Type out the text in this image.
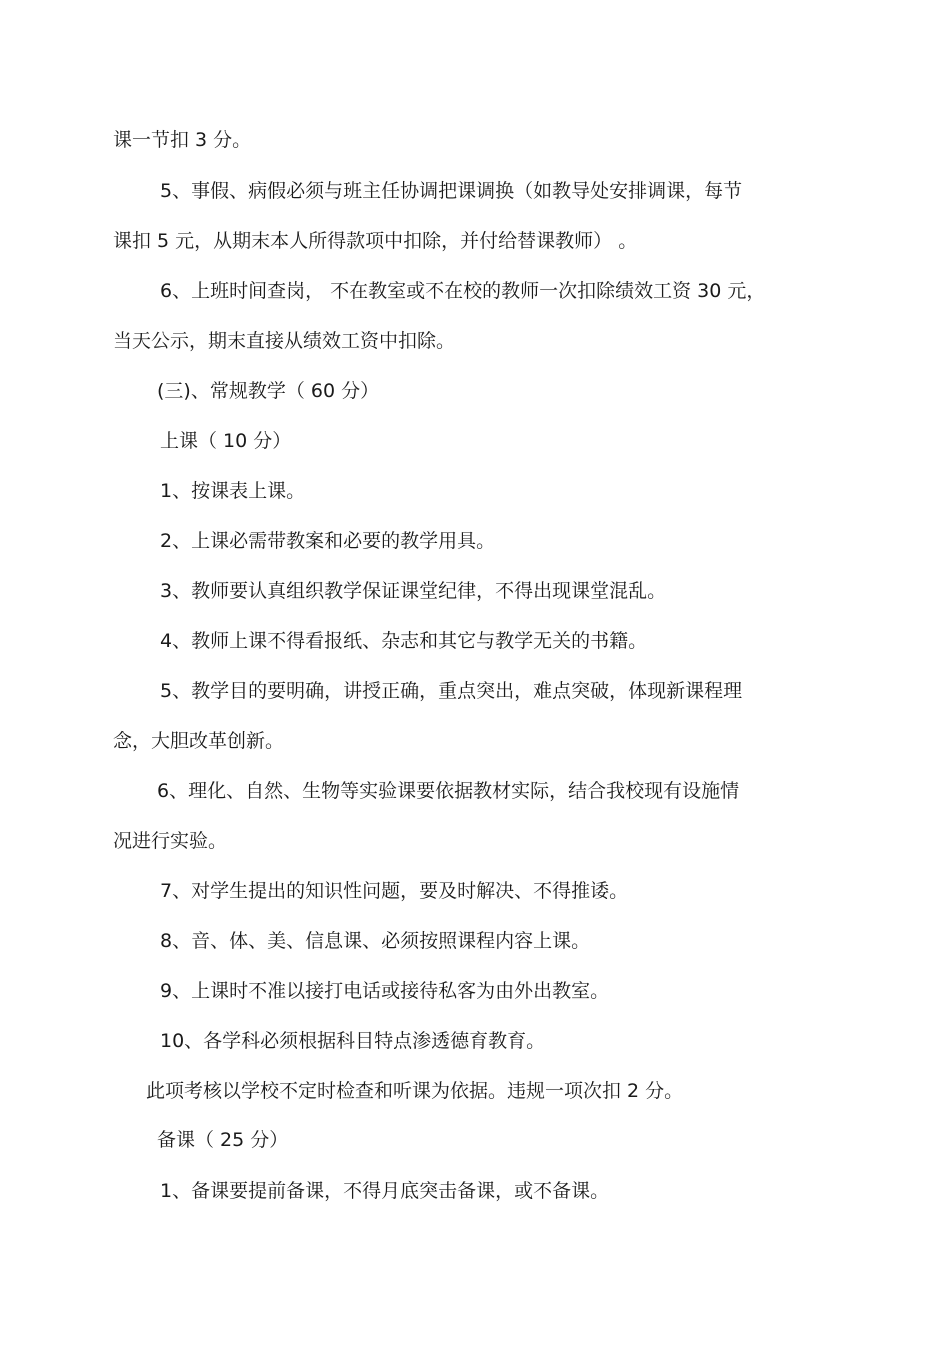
课一节扣 3 分。
5、事假、病假必须与班主任协调把课调换（如教导处安排调课，每节
课扣 5 元，从期末本人所得款项中扣除，并付给替课教师） 。
6、上班时间查岗， 不在教室或不在校的教师一次扣除绩效工资 30 元，
当天公示，期末直接从绩效工资中扣除。
(三)、常规教学（ 60 分）
上课（ 10 分）
1、按课表上课。
2、上课必需带教案和必要的教学用具。
3、教师要认真组织教学保证课堂纪律，不得出现课堂混乱。
4、教师上课不得看报纸、杂志和其它与教学无关的书籍。
5、教学目的要明确，讲授正确，重点突出，难点突破，体现新课程理
念，大胆改革创新。
6、理化、自然、生物等实验课要依据教材实际，结合我校现有设施情
况进行实验。
7、对学生提出的知识性问题，要及时解决、不得推诿。
8、音、体、美、信息课、必须按照课程内容上课。
9、上课时不准以接打电话或接待私客为由外出教室。
10、各学科必须根据科目特点渗透德育教育。
此项考核以学校不定时检查和听课为依据。违规一项次扣 2 分。
备课（ 25 分）
1、备课要提前备课，不得月底突击备课，或不备课。
